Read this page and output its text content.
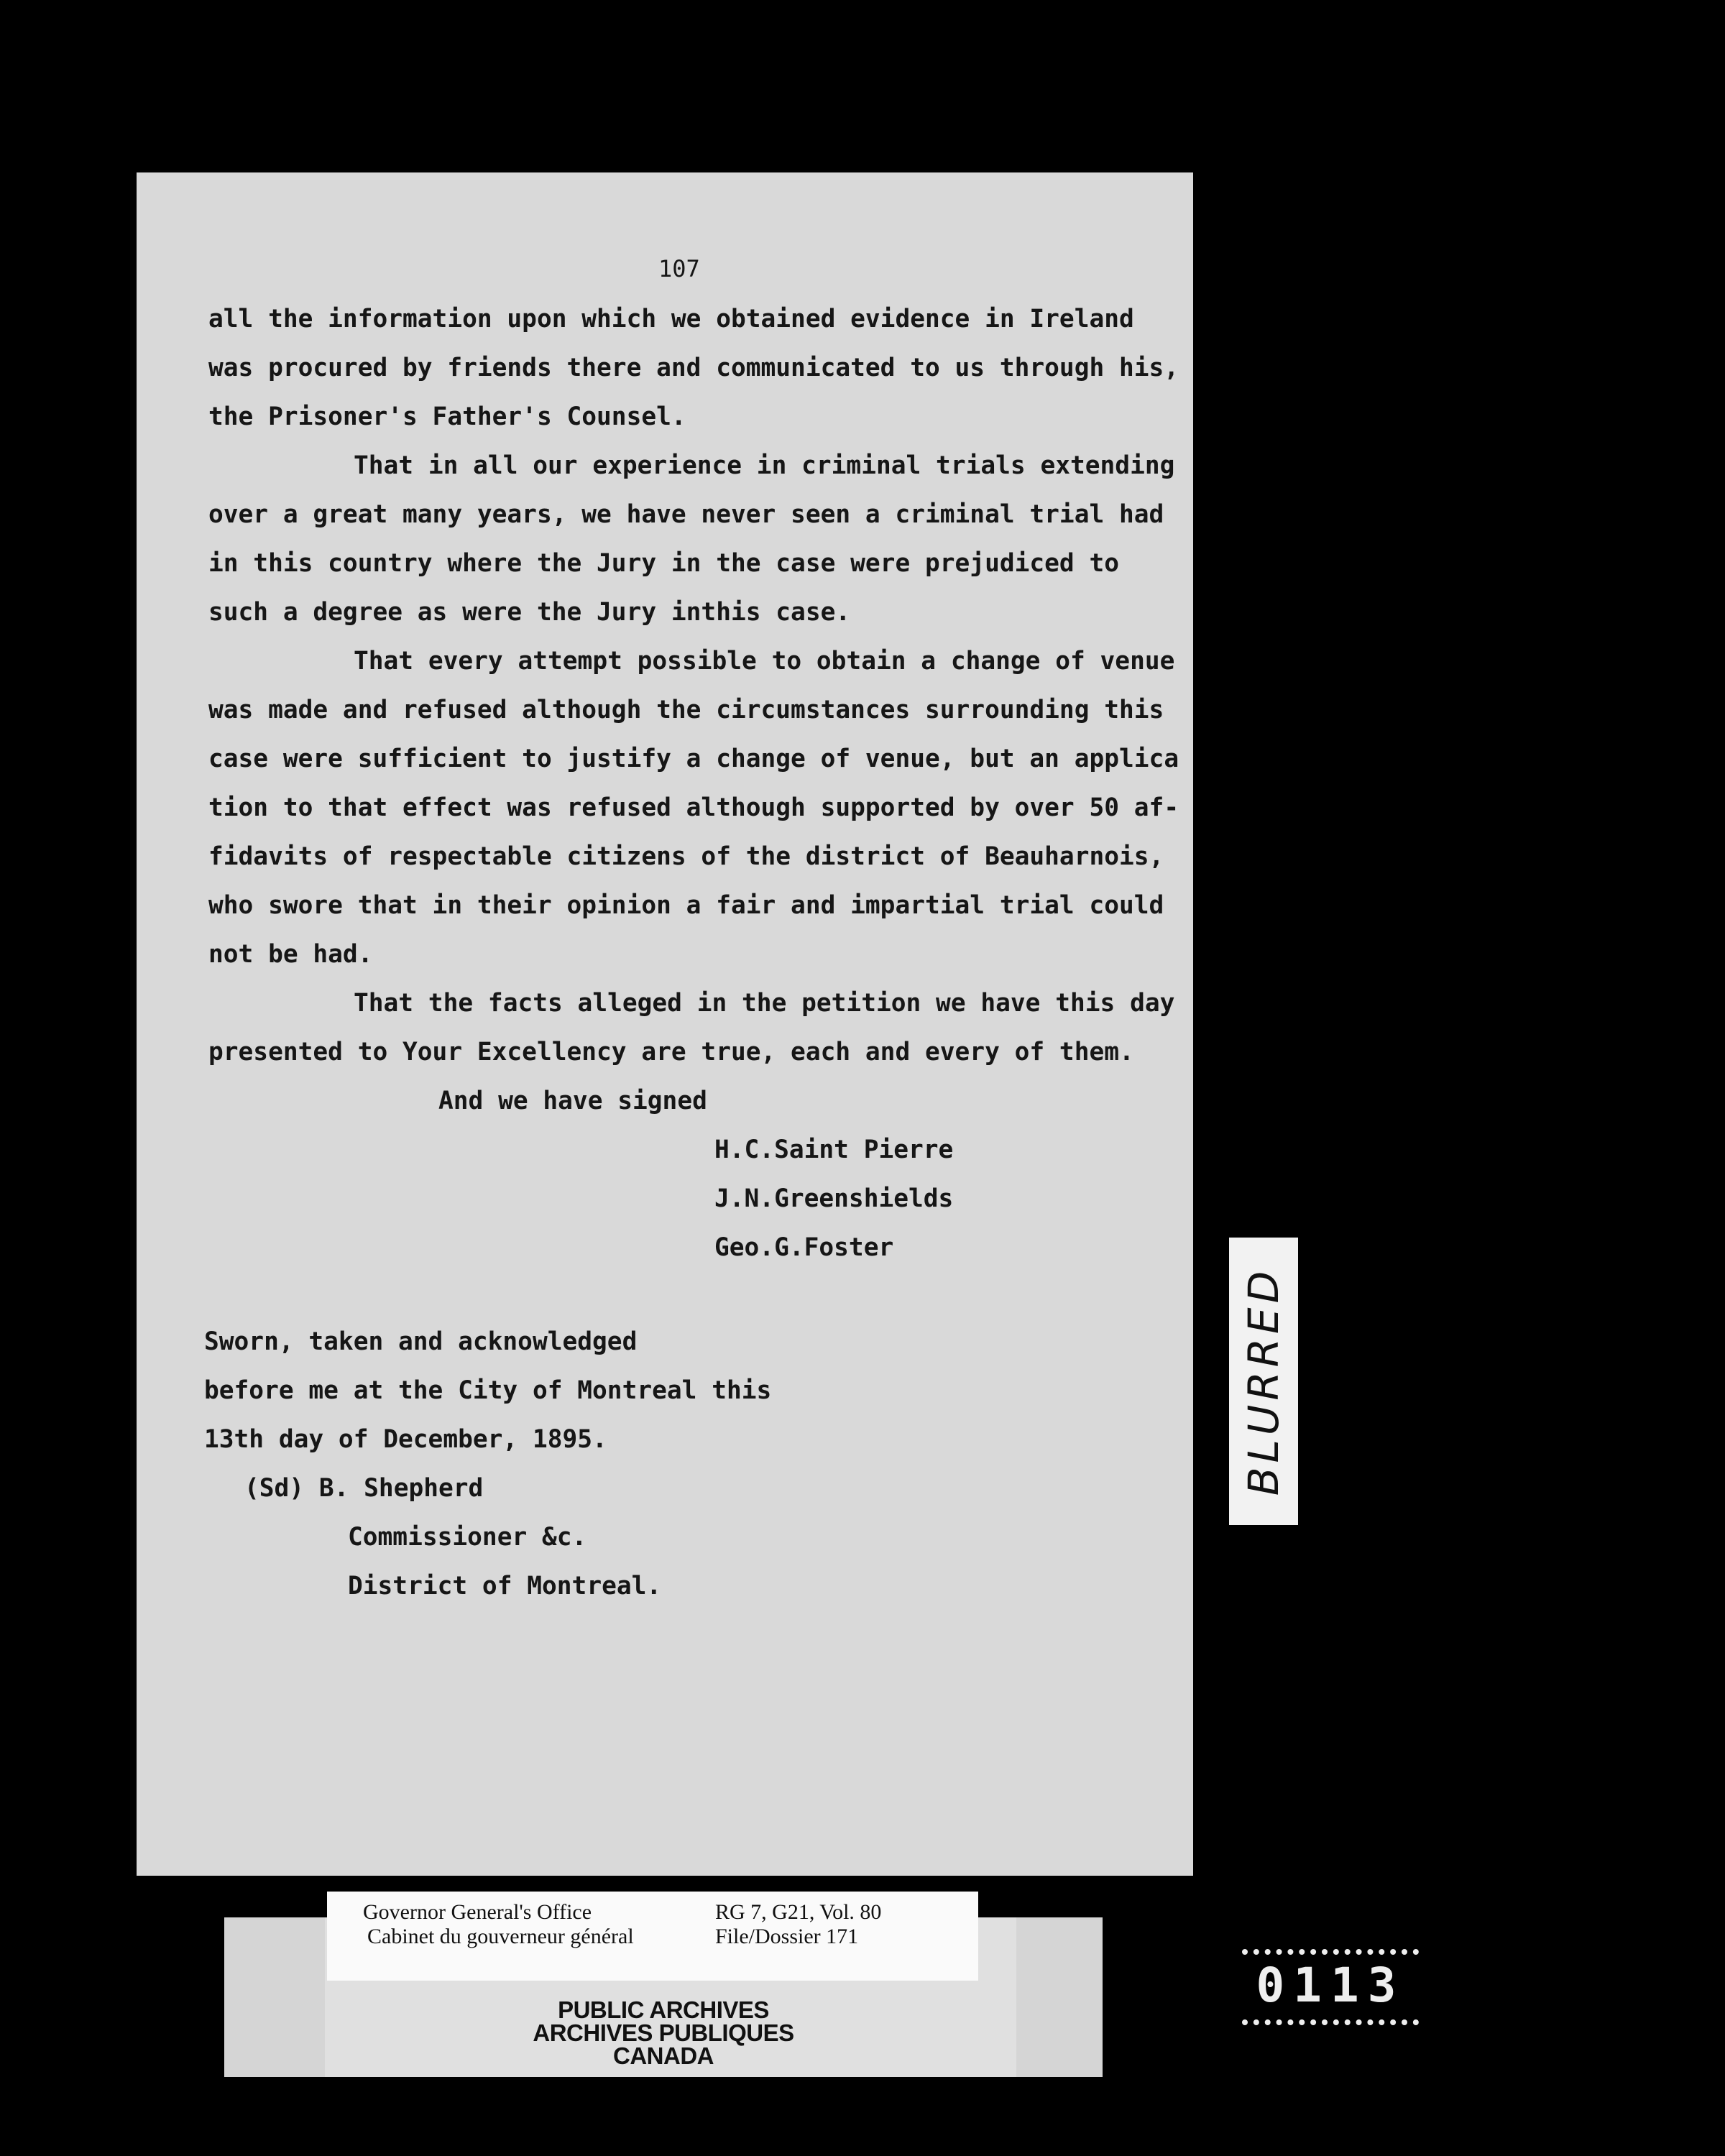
107
all the information upon which we obtained evidence in Ireland
was procured by friends there and communicated to us through his,
the Prisoner's Father's Counsel.
That in all our experience in criminal trials extending
over a great many years, we have never seen a criminal trial had
in this country where the Jury in the case were prejudiced to
such a degree as were the Jury inthis case.
That every attempt possible to obtain a change of venue
was made and refused although the circumstances surrounding this
case were sufficient to justify a change of venue, but an applica
tion to that effect was refused although supported by over 50 af-
fidavits of respectable citizens of the district of Beauharnois,
who swore that in their opinion a fair and impartial trial could
not be had.
That the facts alleged in the petition we have this day
presented to Your Excellency are true, each and every of them.
And we have signed
H.C.Saint Pierre
J.N.Greenshields
Geo.G.Foster
Sworn, taken and acknowledged
before me at the City of Montreal this
13th day of December, 1895.
(Sd) B. Shepherd
Commissioner &c.
District of Montreal.
BLURRED
PUBLIC ARCHIVES
ARCHIVES PUBLIQUES
CANADA
Governor General's Office
Cabinet du gouverneur général
RG 7, G21, Vol. 80
File/Dossier 171
0113
